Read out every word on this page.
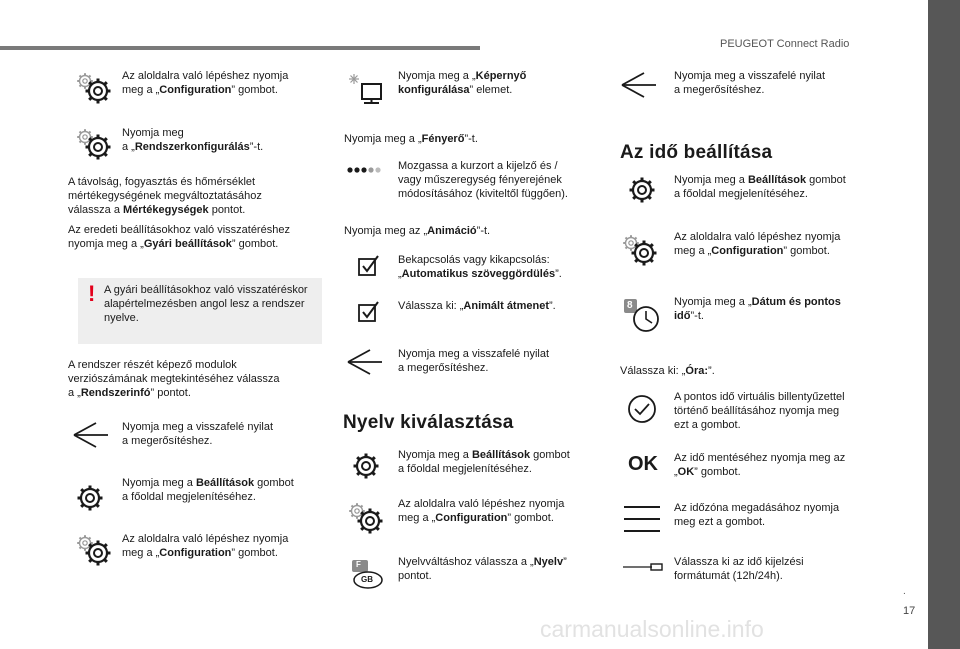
PEUGEOT Connect Radio
.
17
carmanualsonline.info
Az aloldalra való lépéshez nyomja
meg a „Configuration” gombot.
Nyomja meg
a „Rendszerkonfigurálás”-t.
A távolság, fogyasztás és hőmérséklet
mértékegységének megváltoztatásához
válassza a Mértékegységek pontot.
Az eredeti beállításokhoz való visszatéréshez
nyomja meg a „Gyári beállítások” gombot.
! A gyári beállításokhoz való visszatéréskor
alapértelmezésben angol lesz a rendszer
nyelve.
A rendszer részét képező modulok
verziószámának megtekintéséhez válassza
a „Rendszerinfó” pontot.
Nyomja meg a visszafelé nyilat
a megerősítéshez.
Nyomja meg a Beállítások gombot
a főoldal megjelenítéséhez.
Az aloldalra való lépéshez nyomja
meg a „Configuration” gombot.
Nyomja meg a „Képernyő
konfigurálása” elemet.
Nyomja meg a „Fényerő”-t.
Mozgassa a kurzort a kijelző és /
vagy műszeregység fényerejének
módosításához (kiviteltől függően).
Nyomja meg az „Animáció”-t.
Bekapcsolás vagy kikapcsolás:
„Automatikus szöveggördülés”.
Válassza ki: „Animált átmenet”.
Nyomja meg a visszafelé nyilat
a megerősítéshez.
Nyelv kiválasztása
Nyomja meg a Beállítások gombot
a főoldal megjelenítéséhez.
Az aloldalra való lépéshez nyomja
meg a „Configuration” gombot.
F
GB
Nyelvváltáshoz válassza a „Nyelv”
pontot.
Nyomja meg a visszafelé nyilat
a megerősítéshez.
Az idő beállítása
Nyomja meg a Beállítások gombot
a főoldal megjelenítéséhez.
Az aloldalra való lépéshez nyomja
meg a „Configuration” gombot.
8	Nyomja meg a „Dátum és pontos
idő”-t.
Válassza ki: „Óra:”.
A pontos idő virtuális billentyűzettel
történő beállításához nyomja meg
ezt a gombot.
OK Az idő mentéséhez nyomja meg az
„OK” gombot.
Az időzóna megadásához nyomja
meg ezt a gombot.
Válassza ki az idő kijelzési
formátumát (12h/24h).
